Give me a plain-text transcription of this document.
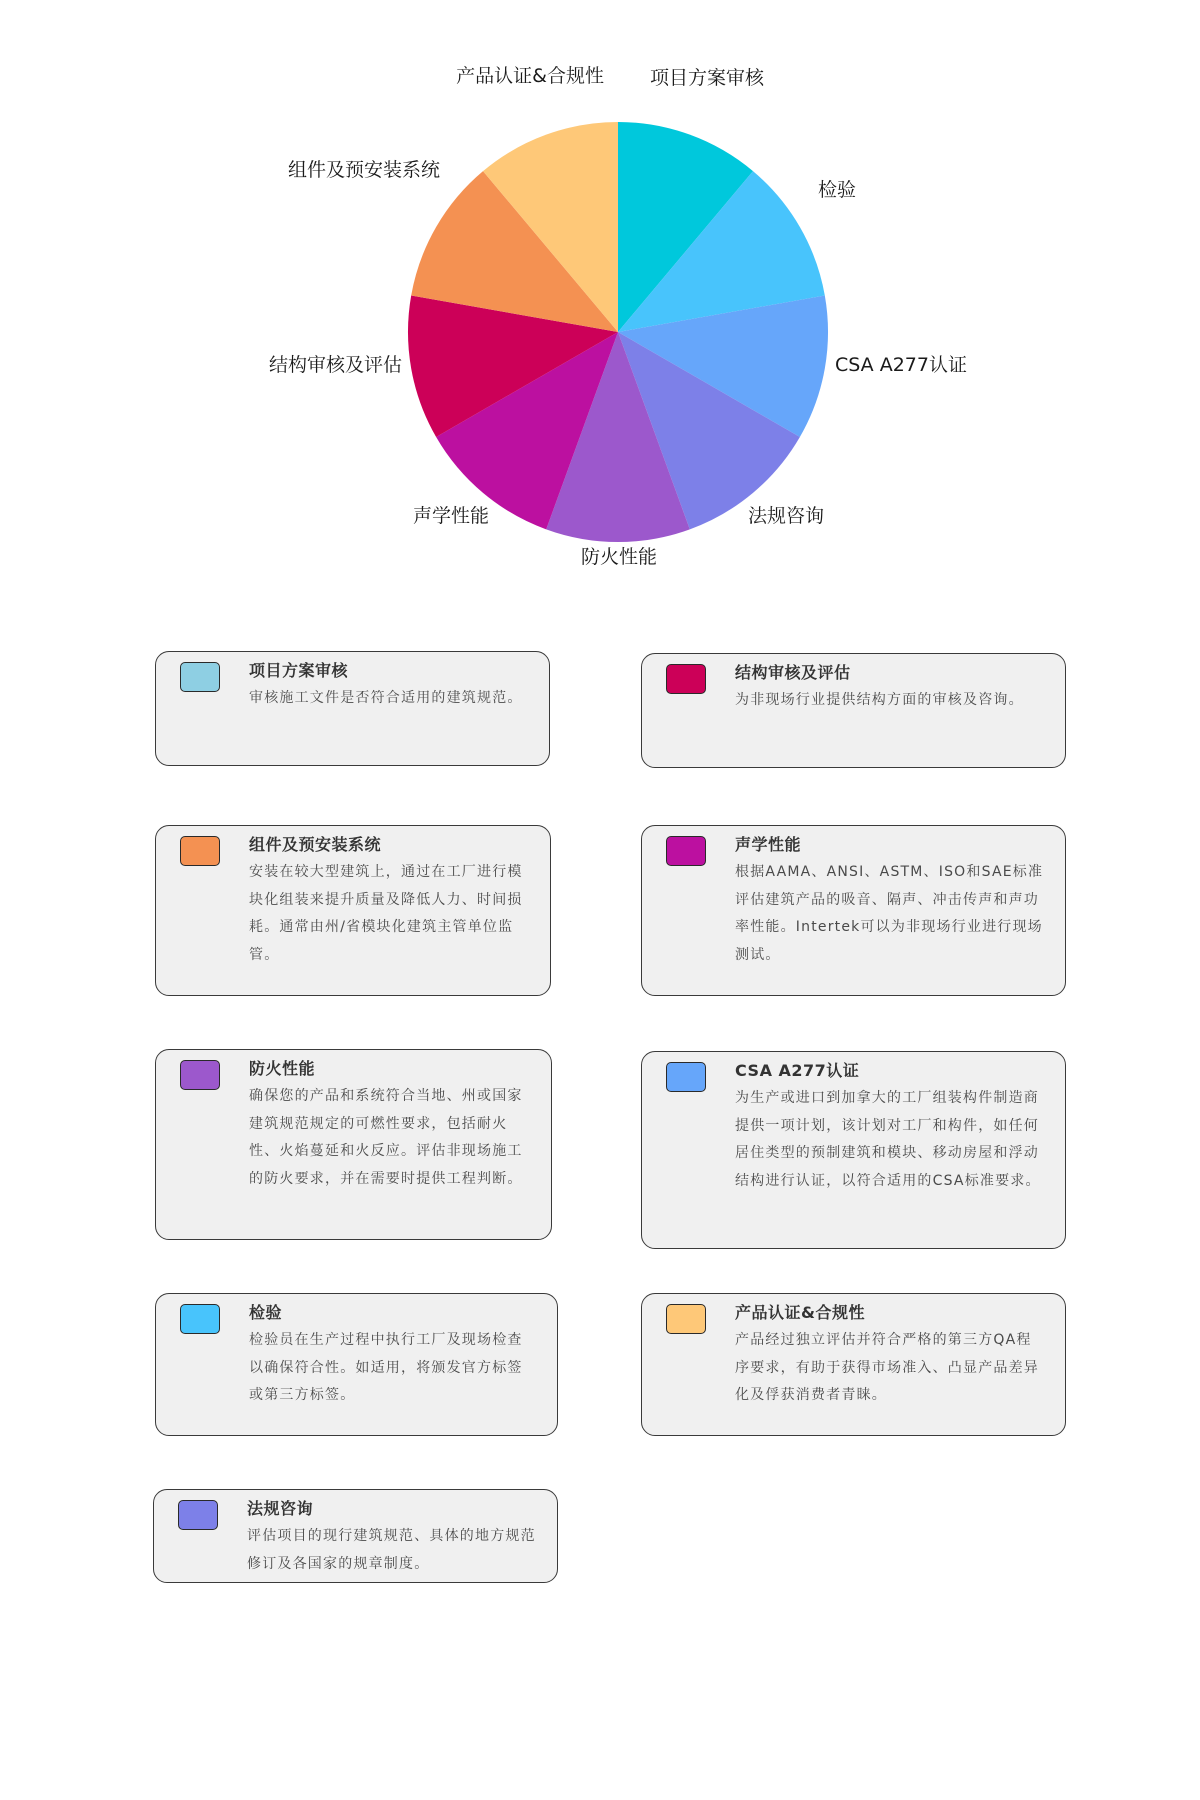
项目方案审核
检验
CSA A277认证
法规咨询
防火性能
声学性能
结构审核及评估
组件及预安装系统
产品认证&合规性
项目方案审核

审核施工文件是否符合适用的建筑规范。

结构审核及评估

为非现场行业提供结构方面的审核及咨询。

组件及预安装系统

安装在较大型建筑上，通过在工厂进行模块化组装来提升质量及降低人力、时间损耗。通常由州/省模块化建筑主管单位监管。

声学性能

根据AAMA、ANSI、ASTM、ISO和SAE标准评估建筑产品的吸音、隔声、冲击传声和声功率性能。Intertek可以为非现场行业进行现场测试。

防火性能

确保您的产品和系统符合当地、州或国家建筑规范规定的可燃性要求，包括耐火性、火焰蔓延和火反应。评估非现场施工的防火要求，并在需要时提供工程判断。

CSA A277认证

为生产或进口到加拿大的工厂组装构件制造商提供一项计划，该计划对工厂和构件，如任何居住类型的预制建筑和模块、移动房屋和浮动结构进行认证，以符合适用的CSA标准要求。

检验

检验员在生产过程中执行工厂及现场检查以确保符合性。如适用，将颁发官方标签或第三方标签。

产品认证&合规性

产品经过独立评估并符合严格的第三方QA程序要求，有助于获得市场准入、凸显产品差异化及俘获消费者青睐。

法规咨询

评估项目的现行建筑规范、具体的地方规范修订及各国家的规章制度。
